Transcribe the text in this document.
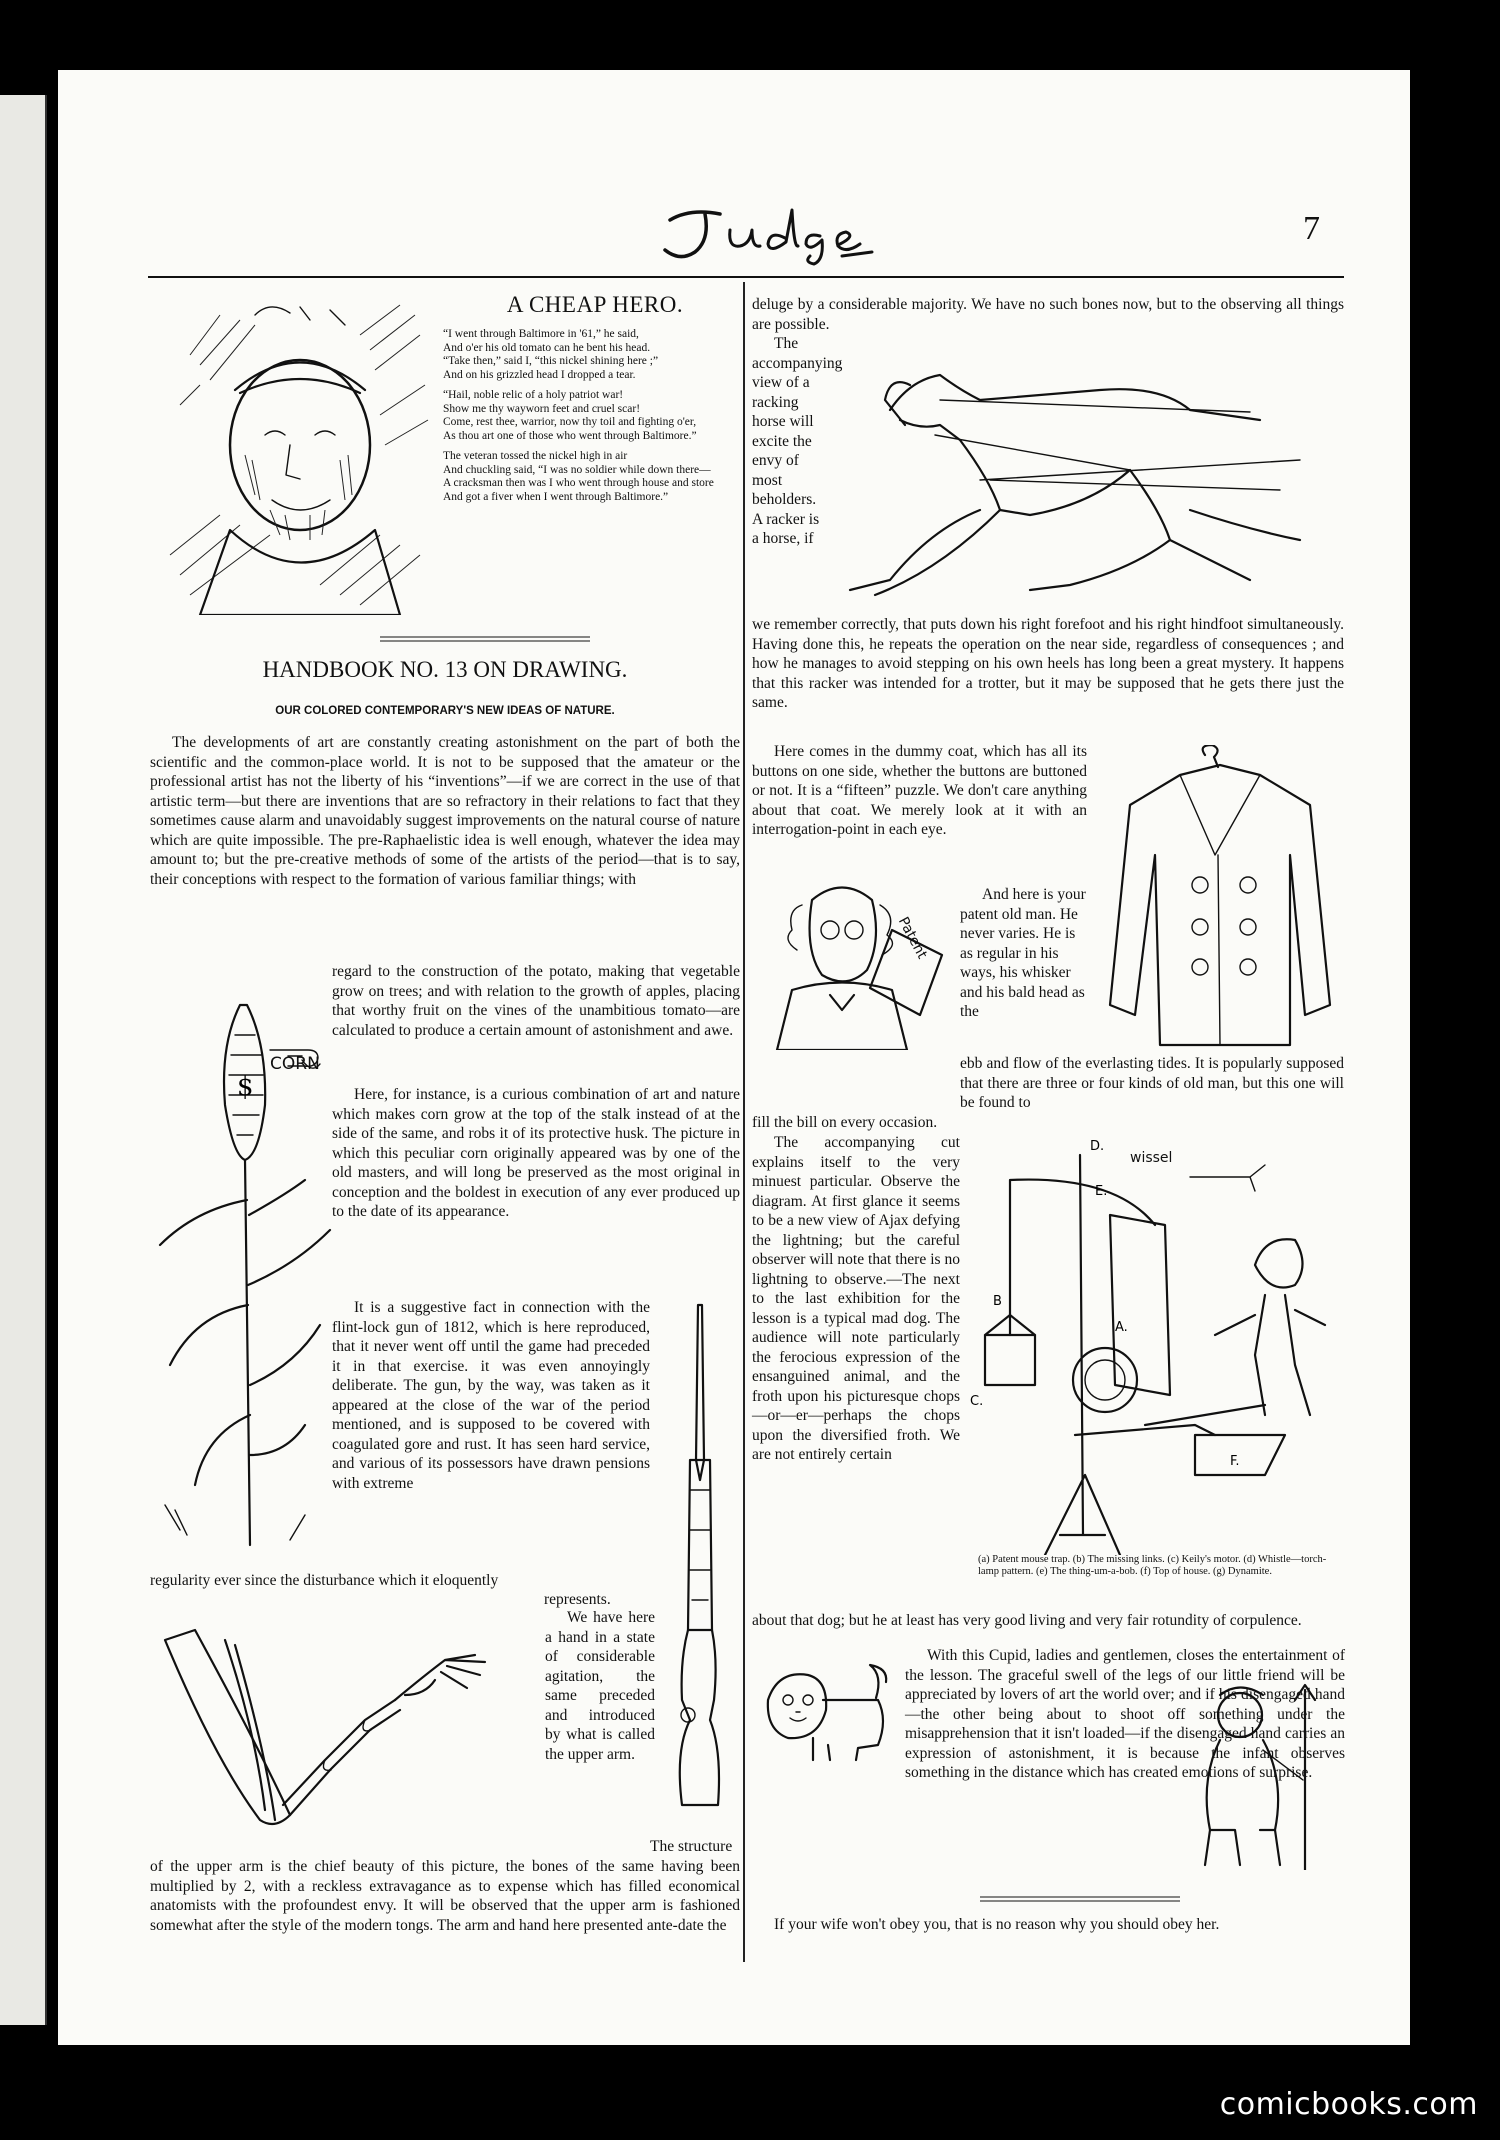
7
A CHEAP HERO.
“I went through Baltimore in '61,” he said,
And o'er his old tomato can he bent his head.
“Take then,” said I, “this nickel shining here ;”
And on his grizzled head I dropped a tear.
“Hail, noble relic of a holy patriot war!
Show me thy wayworn feet and cruel scar!
Come, rest thee, warrior, now thy toil and fighting o'er,
As thou art one of those who went through Baltimore.”
The veteran tossed the nickel high in air
And chuckling said, “I was no soldier while down there—
A cracksman then was I who went through house and store
And got a fiver when I went through Baltimore.”
HANDBOOK NO. 13 ON DRAWING.
OUR COLORED CONTEMPORARY'S NEW IDEAS OF NATURE.
The developments of art are constantly creating astonishment on the part of both the scientific and the common-place world. It is not to be supposed that the amateur or the professional artist has not the liberty of his “inventions”—if we are correct in the use of that artistic term—but there are inventions that are so refractory in their relations to fact that they sometimes cause alarm and unavoidably suggest improvements on the natural course of nature which are quite impossible. The pre-Raphaelistic idea is well enough, whatever the idea may amount to; but the pre-creative methods of some of the artists of the period—that is to say, their conceptions with respect to the formation of various familiar things; with
regard to the construction of the potato, making that vegetable grow on trees; and with relation to the growth of apples, placing that worthy fruit on the vines of the unambitious tomato—are calculated to produce a certain amount of astonishment and awe.
$
CORN
Here, for instance, is a curious combination of art and nature which makes corn grow at the top of the stalk instead of at the side of the same, and robs it of its protective husk. The picture in which this peculiar corn originally appeared was by one of the old masters, and will long be preserved as the most original in conception and the boldest in execution of any ever produced up to the date of its appearance.
It is a suggestive fact in connection with the flint-lock gun of 1812, which is here reproduced, that it never went off until the game had preceded it in that exercise. it was even annoyingly deliberate. The gun, by the way, was taken as it appeared at the close of the war of the period mentioned, and is supposed to be covered with coagulated gore and rust. It has seen hard service, and various of its possessors have drawn pensions with extreme
regularity ever since the disturbance which it eloquently
represents.
We have here a hand in a state of considerable agitation, the same preceded and introduced by what is called the upper arm.
The structure
of the upper arm is the chief beauty of this picture, the bones of the same having been multiplied by 2, with a reckless extravagance as to expense which has filled economical anatomists with the profoundest envy. It will be observed that the upper arm is fashioned somewhat after the style of the modern tongs. The arm and hand here presented ante-date the
deluge by a considerable majority. We have no such bones now, but to the observing all things are possible.
The accompanying view of a racking horse will excite the envy of most beholders. A racker is a horse, if
we remember correctly, that puts down his right forefoot and his right hindfoot simultaneously. Having done this, he repeats the operation on the near side, regardless of consequences ; and how he manages to avoid stepping on his own heels has long been a great mystery. It happens that this racker was intended for a trotter, but it may be supposed that he gets there just the same.
Here comes in the dummy coat, which has all its buttons on one side, whether the buttons are buttoned or not. It is a “fifteen” puzzle. We don't care anything about that coat. We merely look at it with an interrogation-point in each eye.
Patent
And here is your patent old man. He never varies. He is as regular in his ways, his whisker and his bald head as the
ebb and flow of the everlasting tides. It is popularly supposed that there are three or four kinds of old man, but this one will be found to
fill the bill on every occasion.
The accompanying cut explains itself to the very minuest particular. Observe the diagram. At first glance it seems to be a new view of Ajax defying the lightning; but the careful observer will note that there is no lightning to observe.—The next to the last exhibition for the lesson is a typical mad dog. The audience will note particularly the ferocious expression of the ensanguined animal, and the froth upon his picturesque chops—or—er—perhaps the chops upon the diversified froth. We are not entirely certain
D.
B
A.
E.
F.
C.
wissel
(a) Patent mouse trap. (b) The missing links. (c) Keily's motor. (d) Whistle—torch-lamp pattern. (e) The thing-um-a-bob. (f) Top of house. (g) Dynamite.
about that dog; but he at least has very good living and very fair rotundity of corpulence.
With this Cupid, ladies and gentlemen, closes the entertainment of the lesson. The graceful swell of the legs of our little friend will be appreciated by lovers of art the world over; and if his disengaged hand—the other being about to shoot off something under the misapprehension that it isn't loaded—if the disengaged hand carries an expression of astonishment, it is because the infant observes something in the distance which has created emotions of surprise.
If your wife won't obey you, that is no reason why you should obey her.
comicbooks.com
